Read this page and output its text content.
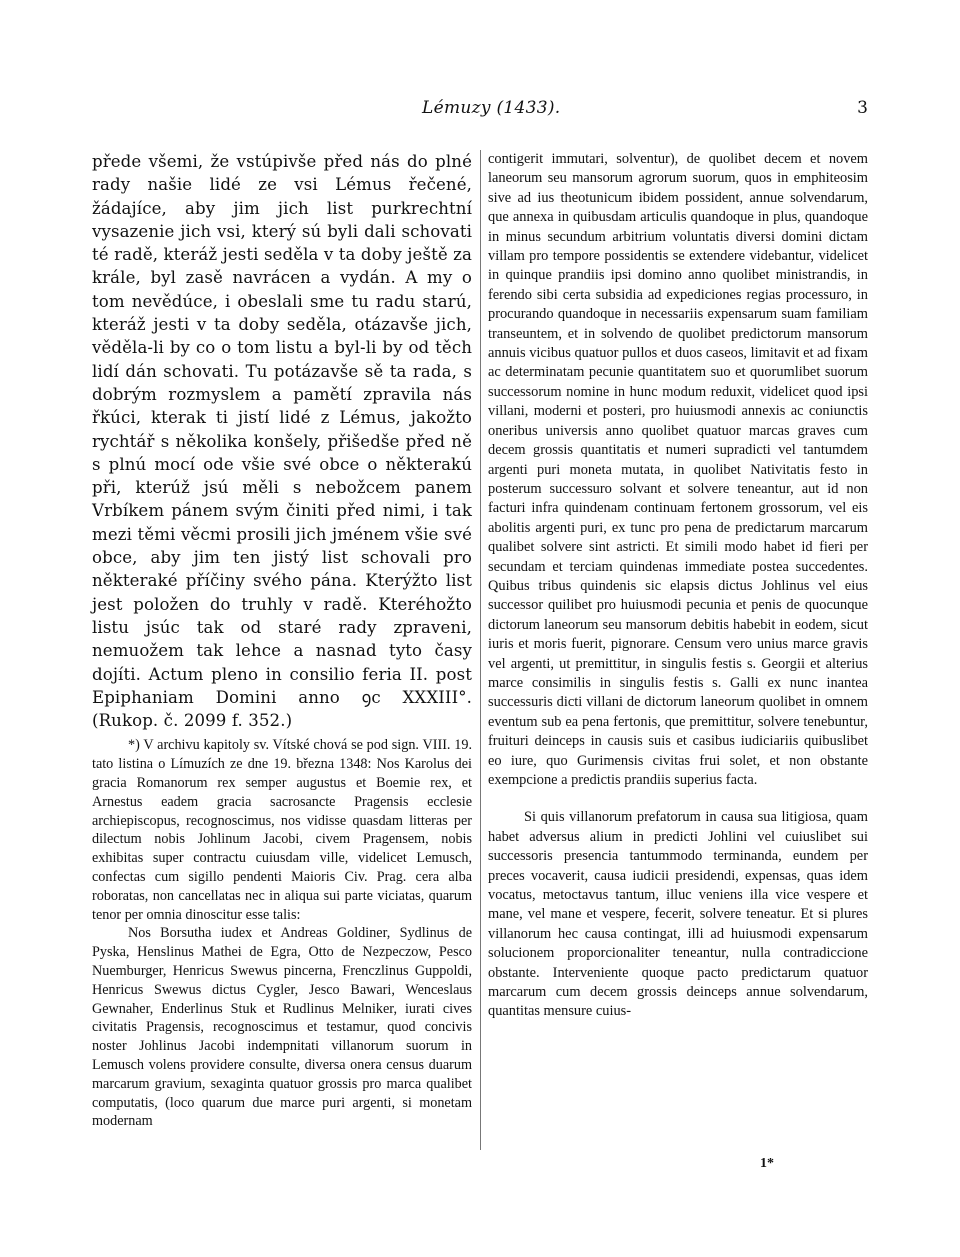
Lémuzy (1433).	3

přede všemi, že vstúpivše před nás do plné rady našie lidé ze vsi Lémus řečené, žádajíce, aby jim jich list purkrechtní vysazenie jich vsi, který sú byli dali schovati té radě, kteráž jesti seděla v ta doby ještě za krále, byl zasě navrácen a vydán. A my o tom nevědúce, i obeslali sme tu radu starú, kteráž jesti v ta doby seděla, otázavše jich, věděla-li by co o tom listu a byl-li by od těch lidí dán schovati. Tu potázavše sě ta rada, s dobrým rozmyslem a pamětí zpravila nás řkúci, kterak ti jistí lidé z Lémus, jakožto rychtář s několika konšely, přišedše před ně s plnú mocí ode všie své obce o některakú při, kterúž jsú měli s nebožcem panem Vrbíkem pánem svým činiti před nimi, i tak mezi těmi věcmi prosili jich jménem všie své obce, aby jim ten jistý list schovali pro některaké příčiny svého pána. Kterýžto list jest položen do truhly v radě. Kteréhožto listu jsúc tak od staré rady zpraveni, nemuožem tak lehce a nasnad tyto časy dojíti. Actum pleno in consilio feria II. post Epiphaniam Domini anno ꝯc XXXIII°. (Rukop. č. 2099 f. 352.)

*) V archivu kapitoly sv. Vítské chová se pod sign. VIII. 19. tato listina o Límuzích ze dne 19. března 1348: Nos Karolus dei gracia Romanorum rex semper augustus et Boemie rex, et Arnestus eadem gracia sacrosancte Pragensis ecclesie archiepiscopus, recognoscimus, nos vidisse quasdam litteras per dilectum nobis Johlinum Jacobi, civem Pragensem, nobis exhibitas super contractu cuiusdam ville, videlicet Lemusch, confectas cum sigillo pendenti Maioris Civ. Prag. cera alba roboratas, non cancellatas nec in aliqua sui parte viciatas, quarum tenor per omnia dinoscitur esse talis:

Nos Borsutha iudex et Andreas Goldiner, Sydlinus de Pyska, Henslinus Mathei de Egra, Otto de Nezpeczow, Pesco Nuemburger, Henricus Swewus pincerna, Frenczlinus Guppoldi, Henricus Swewus dictus Cygler, Jesco Bawari, Wenceslaus Gewnaher, Enderlinus Stuk et Rudlinus Melniker, iurati cives civitatis Pragensis, recognoscimus et testamur, quod concivis noster Johlinus Jacobi indempnitati villanorum suorum in Lemusch volens providere consulte, diversa onera census duarum marcarum gravium, sexaginta quatuor grossis pro marca qualibet computatis, (loco quarum due marce puri argenti, si monetam modernam

contigerit immutari, solventur), de quolibet decem et novem laneorum seu mansorum agrorum suorum, quos in emphiteosim sive ad ius theotunicum ibidem possident, annue solvendarum, que annexa in quibusdam articulis quandoque in plus, quandoque in minus secundum arbitrium voluntatis diversi domini dictam villam pro tempore possidentis se extendere videbantur, videlicet in quinque prandiis ipsi domino anno quolibet ministrandis, in ferendo sibi certa subsidia ad expediciones regias processuro, in procurando quandoque in necessariis expensarum suam familiam transeuntem, et in solvendo de quolibet predictorum mansorum annuis vicibus quatuor pullos et duos caseos, limitavit et ad fixam ac determinatam pecunie quantitatem suo et quorumlibet suorum successorum nomine in hunc modum reduxit, videlicet quod ipsi villani, moderni et posteri, pro huiusmodi annexis ac coniunctis oneribus universis anno quolibet quatuor marcas graves cum decem grossis quantitatis et numeri supradicti vel tantumdem argenti puri moneta mutata, in quolibet Nativitatis festo in posterum successuro solvant et solvere teneantur, aut id non facturi infra quindenam continuam fertonem grossorum, vel eis abolitis argenti puri, ex tunc pro pena de predictarum marcarum qualibet solvere sint astricti. Et simili modo habet id fieri per secundam et terciam quindenas immediate postea succedentes. Quibus tribus quindenis sic elapsis dictus Johlinus vel eius successor quilibet pro huiusmodi pecunia et penis de quocunque dictorum laneorum seu mansorum debitis habebit in eodem, sicut iuris et moris fuerit, pignorare. Censum vero unius marce gravis vel argenti, ut premittitur, in singulis festis s. Georgii et alterius marce consimilis in singulis festis s. Galli ex nunc inantea successuris dicti villani de dictorum laneorum quolibet in omnem eventum sub ea pena fertonis, que premittitur, solvere tenebuntur, fruituri deinceps in causis suis et casibus iudiciariis quibuslibet eo iure, quo Gurimensis civitas frui solet, et non obstante exempcione a predictis prandiis superius facta.

Si quis villanorum prefatorum in causa sua litigiosa, quam habet adversus alium in predicti Johlini vel cuiuslibet sui successoris presencia tantummodo terminanda, eundem per preces vocaverit, causa iudicii presidendi, expensas, quas idem vocatus, metoctavus tantum, illuc veniens illa vice vespere et mane, vel mane et vespere, fecerit, solvere teneatur. Et si plures villanorum hec causa contingat, illi ad huiusmodi expensarum solucionem proporcionaliter teneantur, nulla contradiccione obstante. Interveniente quoque pacto predictarum quatuor marcarum cum decem grossis deinceps annue solvendarum, quantitas mensure cuius-

1*
